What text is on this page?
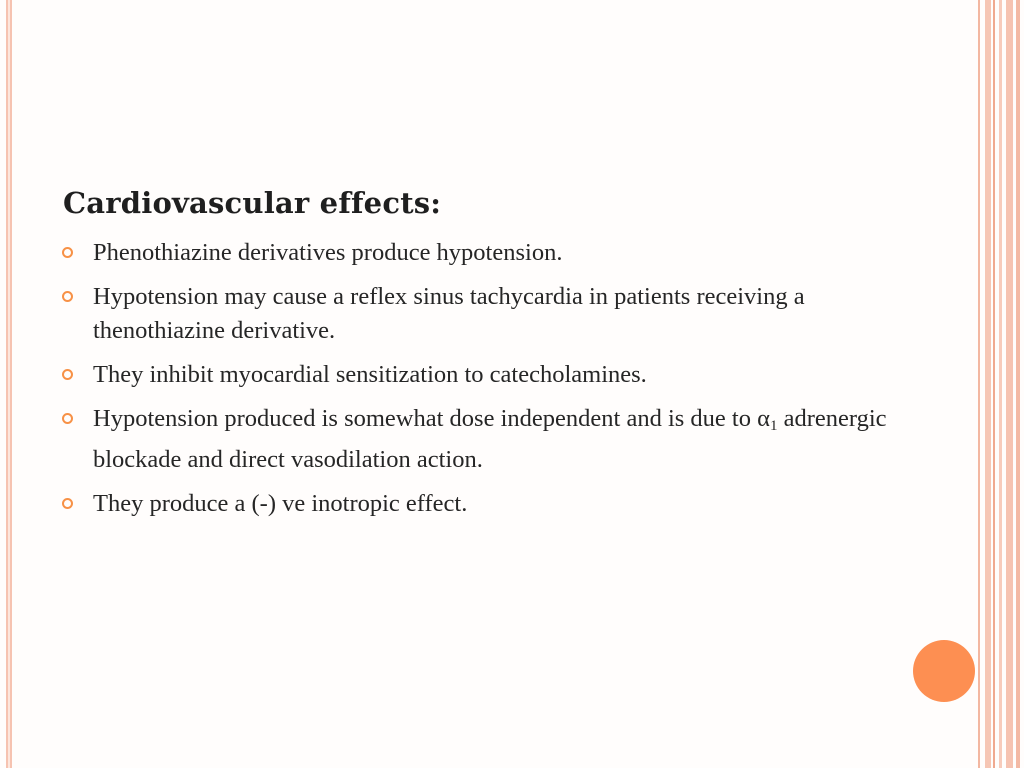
Cardiovascular effects:
Phenothiazine derivatives produce hypotension.
Hypotension may cause a reflex sinus tachycardia in patients receiving a thenothiazine derivative.
They inhibit myocardial sensitization to catecholamines.
Hypotension produced is somewhat dose independent and is due to α1 adrenergic blockade and direct vasodilation action.
They produce a (-) ve inotropic effect.
